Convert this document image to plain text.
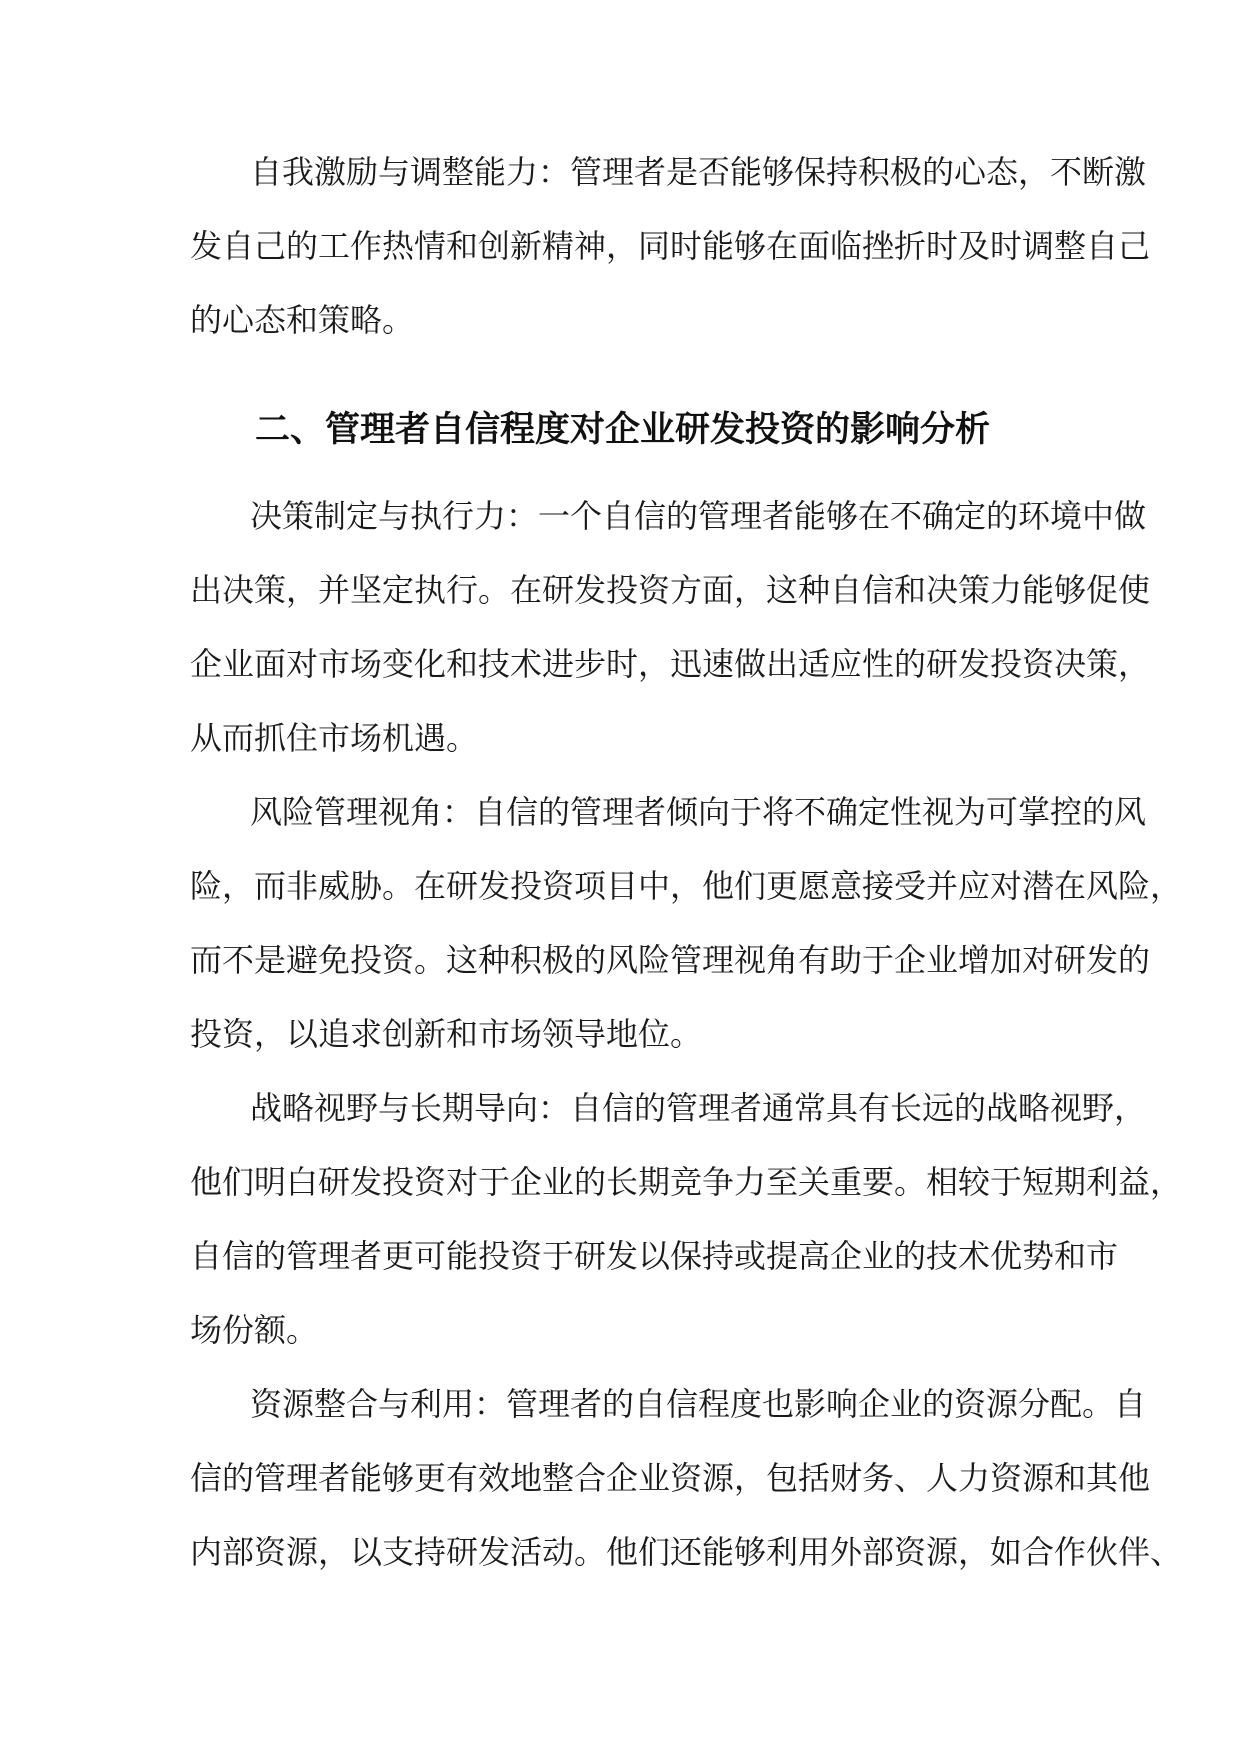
自我激励与调整能力：管理者是否能够保持积极的心态，不断激

发自己的工作热情和创新精神，同时能够在面临挫折时及时调整自己

的心态和策略。

二、管理者自信程度对企业研发投资的影响分析

决策制定与执行力：一个自信的管理者能够在不确定的环境中做

出决策，并坚定执行。在研发投资方面，这种自信和决策力能够促使

企业面对市场变化和技术进步时，迅速做出适应性的研发投资决策，

从而抓住市场机遇。

风险管理视角：自信的管理者倾向于将不确定性视为可掌控的风

险，而非威胁。在研发投资项目中，他们更愿意接受并应对潜在风险，

而不是避免投资。这种积极的风险管理视角有助于企业增加对研发的

投资，以追求创新和市场领导地位。

战略视野与长期导向：自信的管理者通常具有长远的战略视野，

他们明白研发投资对于企业的长期竞争力至关重要。相较于短期利益，

自信的管理者更可能投资于研发以保持或提高企业的技术优势和市

场份额。

资源整合与利用：管理者的自信程度也影响企业的资源分配。自

信的管理者能够更有效地整合企业资源，包括财务、人力资源和其他

内部资源，以支持研发活动。他们还能够利用外部资源，如合作伙伴、
